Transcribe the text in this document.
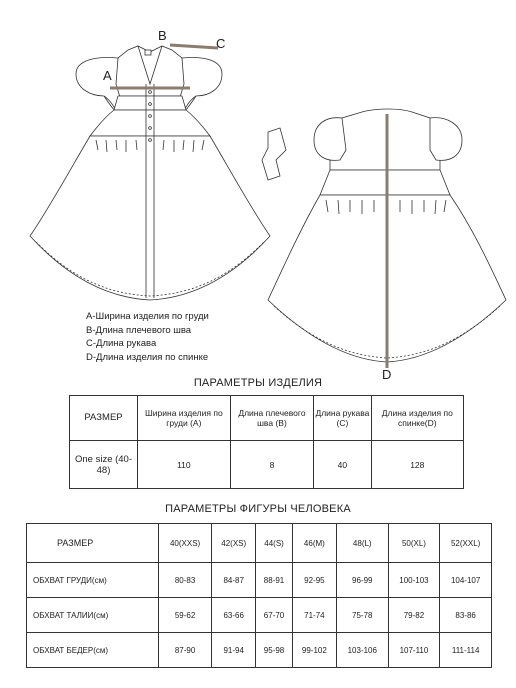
A
B
C
D
A-Ширина изделия по груди
B-Длина плечевого шва
C-Длина рукава
D-Длина изделия по спинке
ПАРАМЕТРЫ ИЗДЕЛИЯ
РАЗМЕР	Ширина изделия по груди (A)	Длина плечевого шва (B)	Длина рукава (C)	Длина изделия по спинке(D)
One size (40-48)	110	8	40	128
ПАРАМЕТРЫ ФИГУРЫ ЧЕЛОВЕКА
РАЗМЕР	40(XXS)	42(XS)	44(S)	46(M)	48(L)	50(XL)	52(XXL)
ОБХВАТ ГРУДИ(см)	80-83	84-87	88-91	92-95	96-99	100-103	104-107
ОБХВАТ ТАЛИИ(см)	59-62	63-66	67-70	71-74	75-78	79-82	83-86
ОБХВАТ БЕДЕР(см)	87-90	91-94	95-98	99-102	103-106	107-110	111-114
